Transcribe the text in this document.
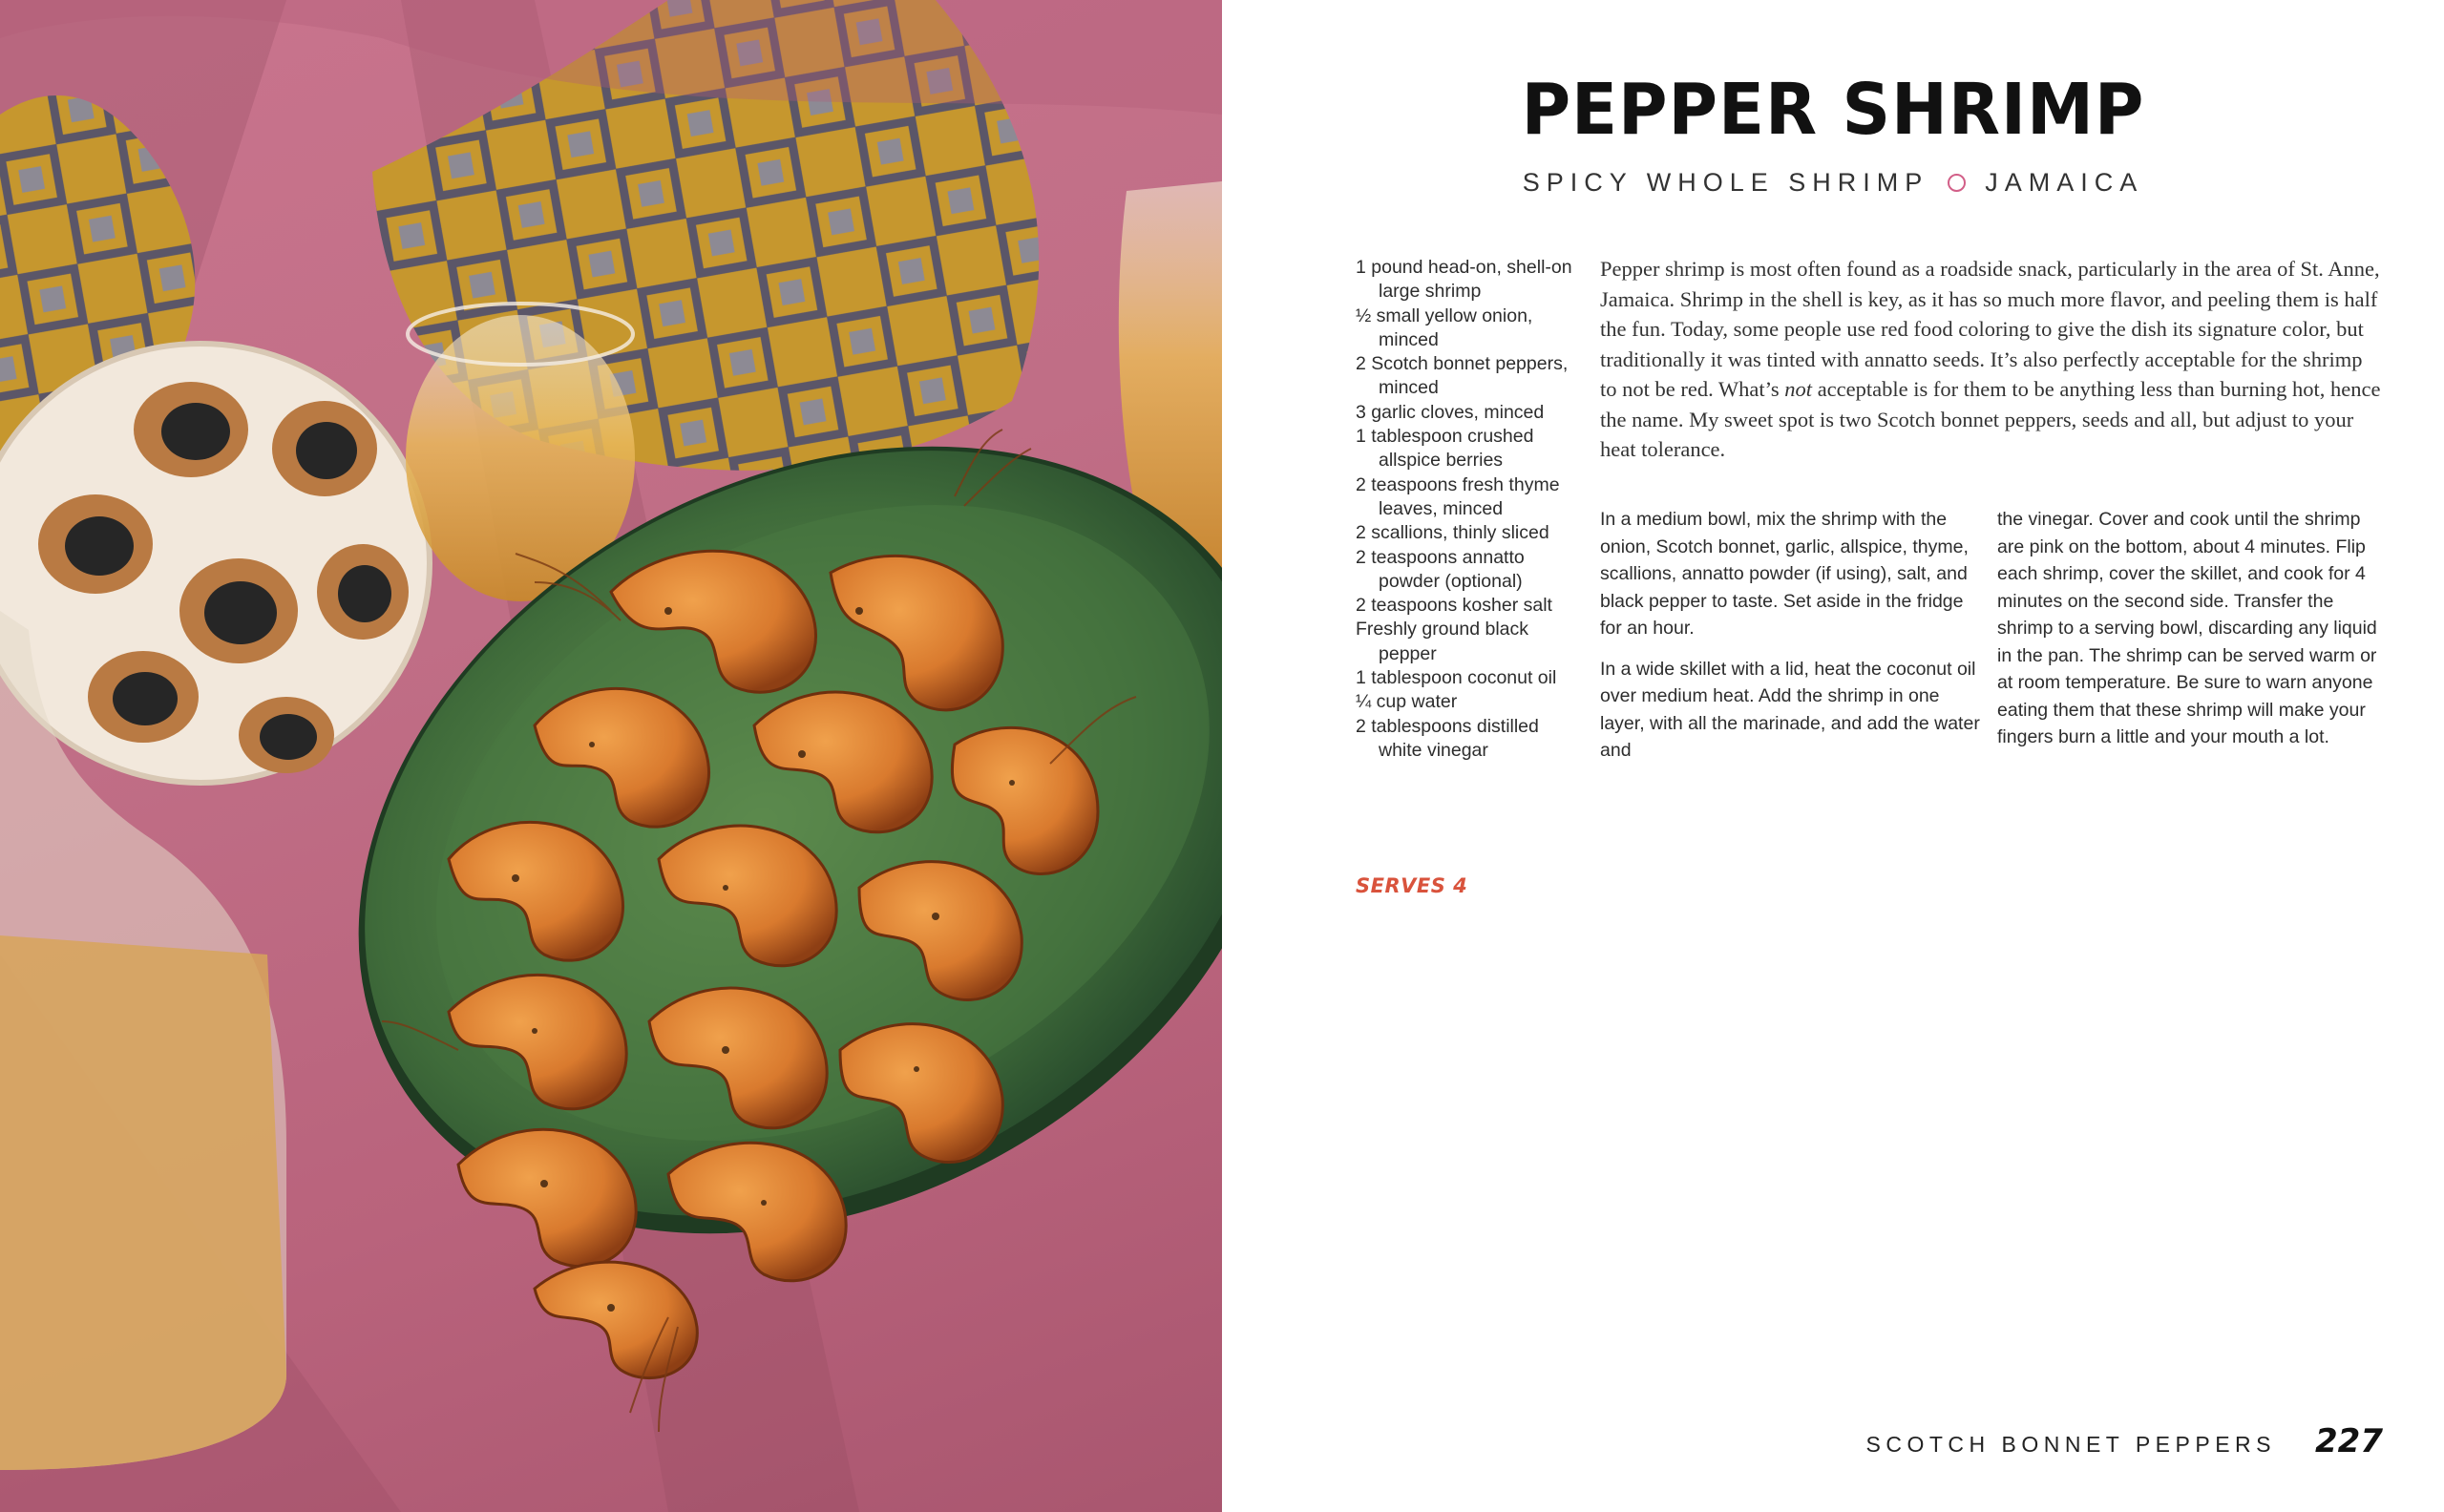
PEPPER SHRIMP
SPICY WHOLE SHRIMP JAMAICA
1 pound head-on, shell-on large shrimp
½ small yellow onion, minced
2 Scotch bonnet peppers, minced
3 garlic cloves, minced
1 tablespoon crushed allspice berries
2 teaspoons fresh thyme leaves, minced
2 scallions, thinly sliced
2 teaspoons annatto powder (optional)
2 teaspoons kosher salt
Freshly ground black pepper
1 tablespoon coconut oil
¼ cup water
2 tablespoons distilled white vinegar
SERVES 4

Pepper shrimp is most often found as a roadside snack, particularly in the area of St. Anne, Jamaica. Shrimp in the shell is key, as it has so much more flavor, and peeling them is half the fun. Today, some people use red food coloring to give the dish its signature color, but traditionally it was tinted with annatto seeds. It’s also perfectly acceptable for the shrimp to not be red. What’s not acceptable is for them to be anything less than burning hot, hence the name. My sweet spot is two Scotch bonnet peppers, seeds and all, but adjust to your heat tolerance.

In a medium bowl, mix the shrimp with the onion, Scotch bonnet, garlic, allspice, thyme, scallions, annatto powder (if using), salt, and black pepper to taste. Set aside in the fridge for an hour.

In a wide skillet with a lid, heat the coconut oil over medium heat. Add the shrimp in one layer, with all the marinade, and add the water and

the vinegar. Cover and cook until the shrimp are pink on the bottom, about 4 minutes. Flip each shrimp, cover the skillet, and cook for 4 minutes on the second side. Transfer the shrimp to a serving bowl, discarding any liquid in the pan. The shrimp can be served warm or at room temperature. Be sure to warn anyone eating them that these shrimp will make your fingers burn a little and your mouth a lot.

SCOTCH BONNET PEPPERS 227
